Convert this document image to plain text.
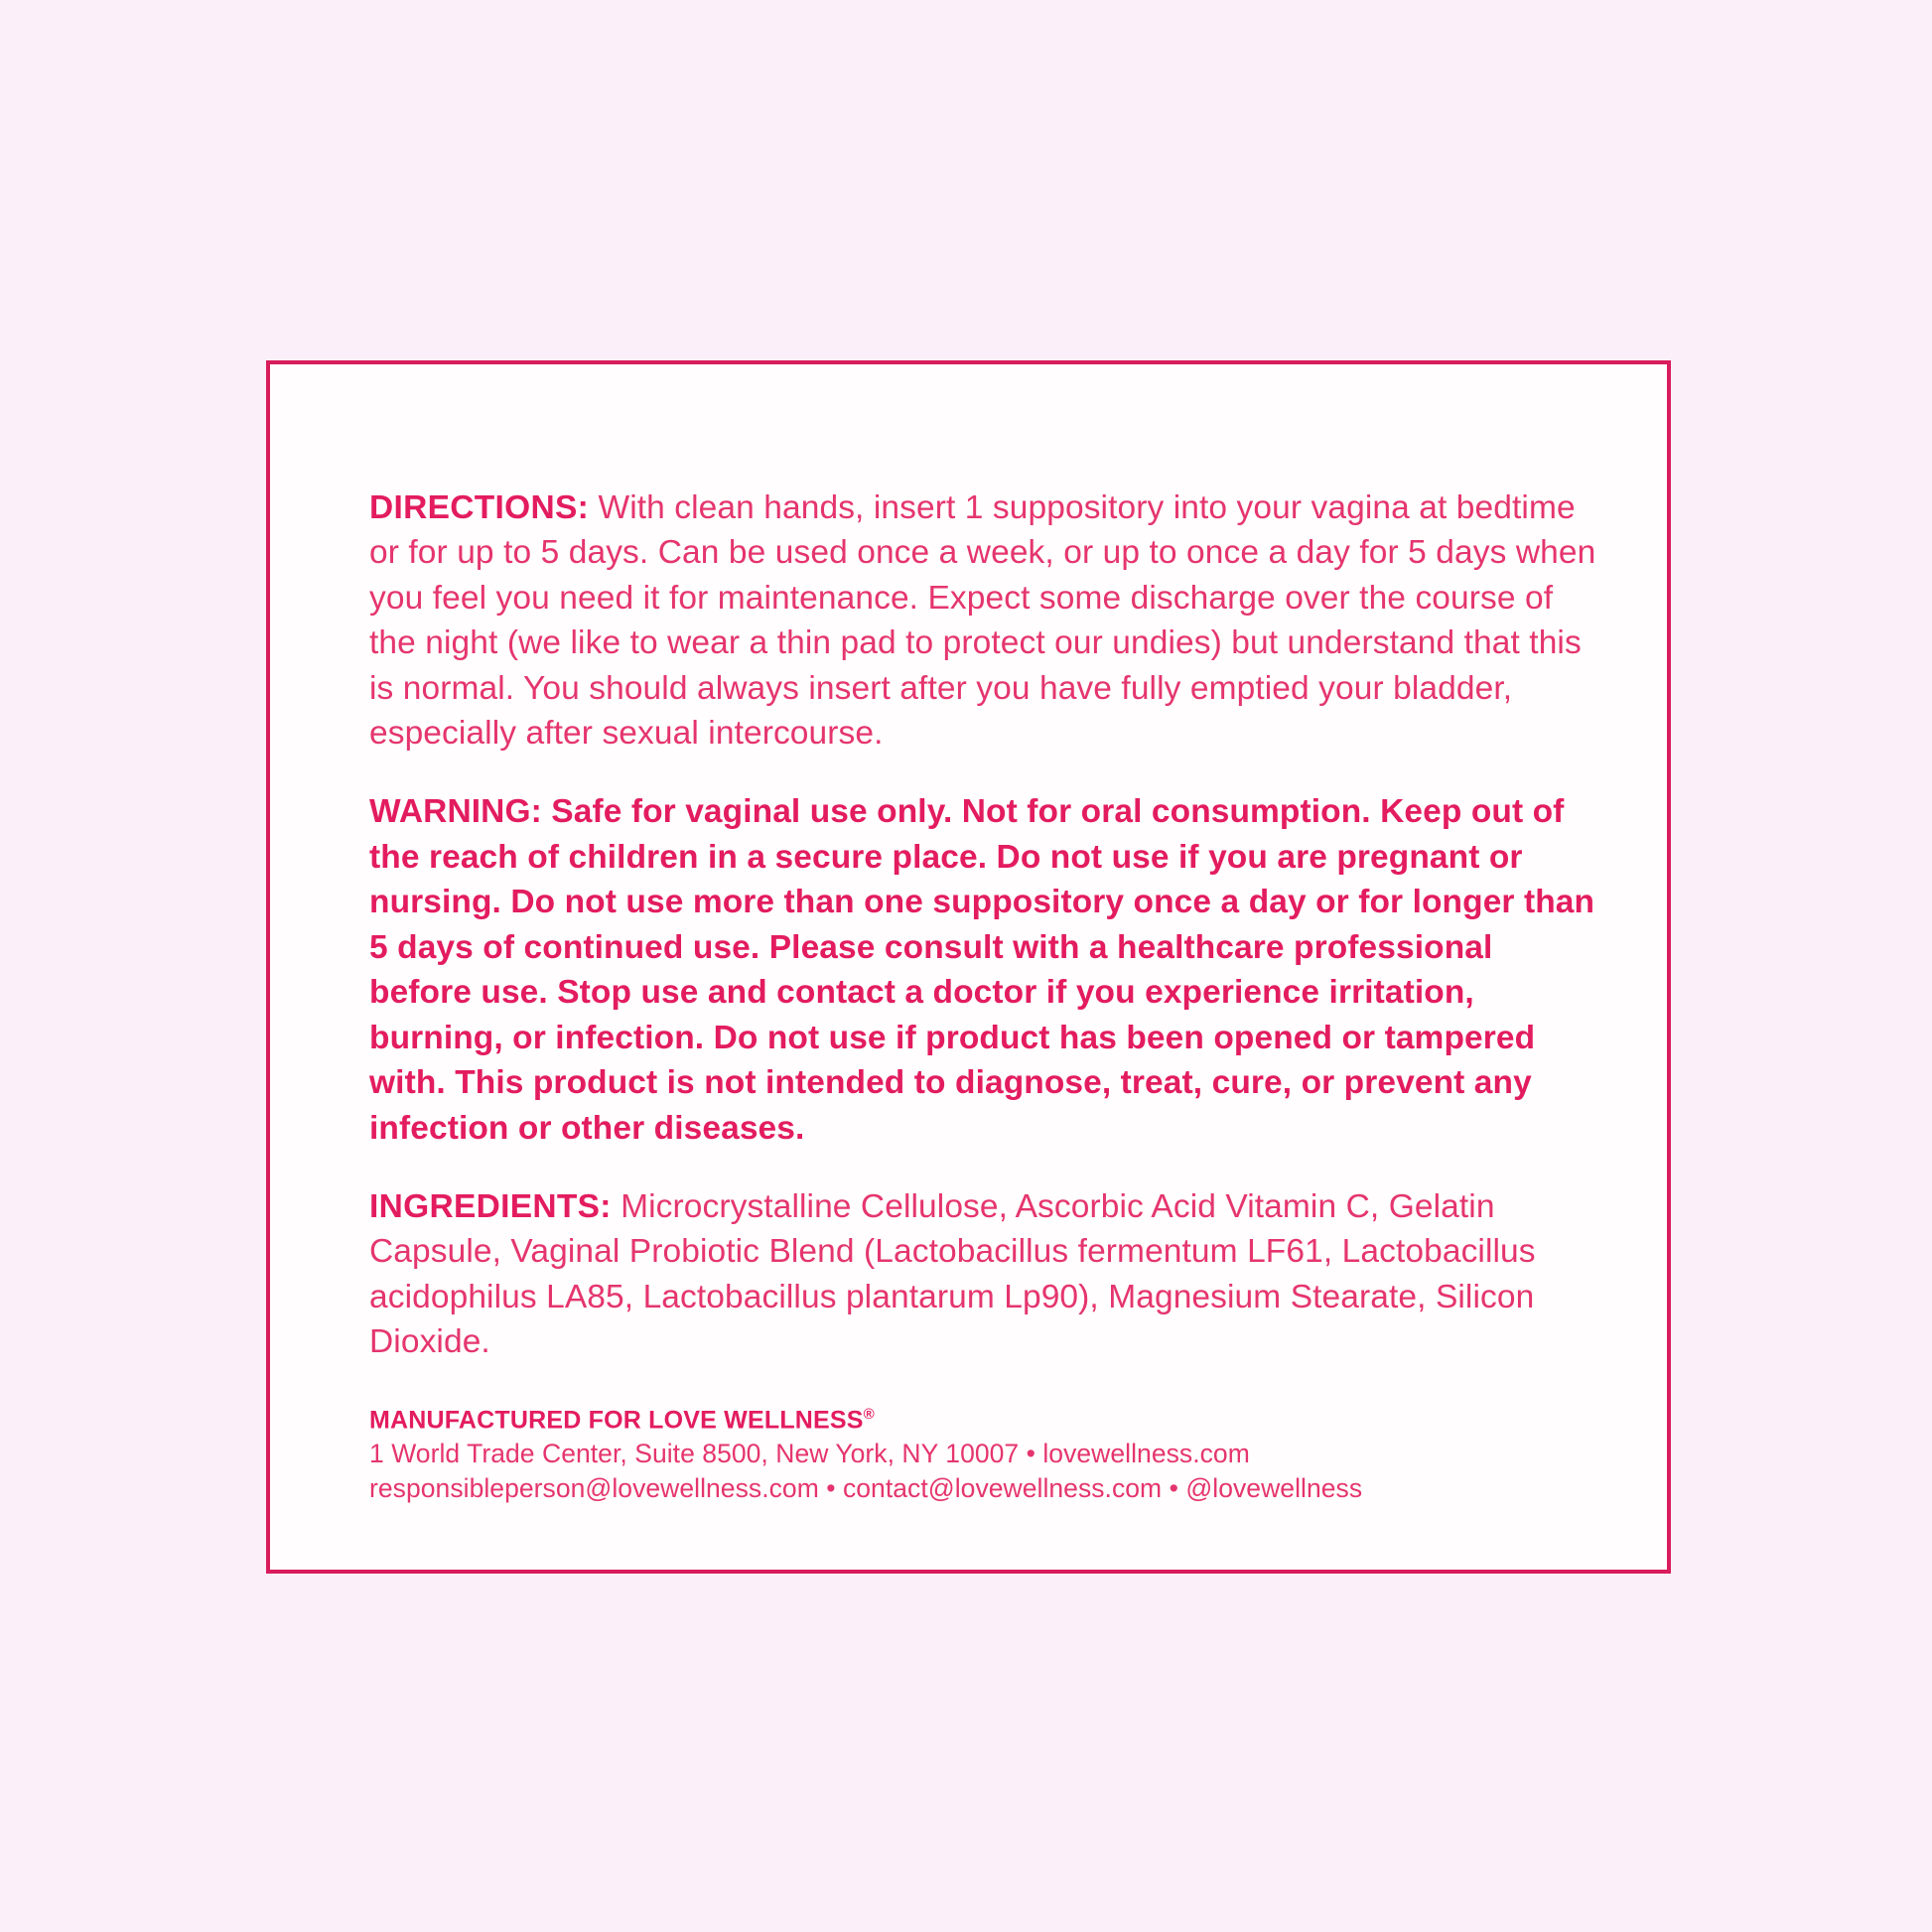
DIRECTIONS: With clean hands, insert 1 suppository into your vagina at bedtime or for up to 5 days. Can be used once a week, or up to once a day for 5 days when you feel you need it for maintenance. Expect some discharge over the course of the night (we like to wear a thin pad to protect our undies) but understand that this is normal. You should always insert after you have fully emptied your bladder, especially after sexual intercourse.

WARNING: Safe for vaginal use only. Not for oral consumption. Keep out of the reach of children in a secure place. Do not use if you are pregnant or nursing. Do not use more than one suppository once a day or for longer than 5 days of continued use. Please consult with a healthcare professional before use. Stop use and contact a doctor if you experience irritation, burning, or infection. Do not use if product has been opened or tampered with. This product is not intended to diagnose, treat, cure, or prevent any infection or other diseases.

INGREDIENTS: Microcrystalline Cellulose, Ascorbic Acid Vitamin C, Gelatin Capsule, Vaginal Probiotic Blend (Lactobacillus fermentum LF61, Lactobacillus acidophilus LA85, Lactobacillus plantarum Lp90), Magnesium Stearate, Silicon Dioxide.

MANUFACTURED FOR LOVE WELLNESS®
1 World Trade Center, Suite 8500, New York, NY 10007 • lovewellness.com
responsibleperson@lovewellness.com • contact@lovewellness.com • @lovewellness
